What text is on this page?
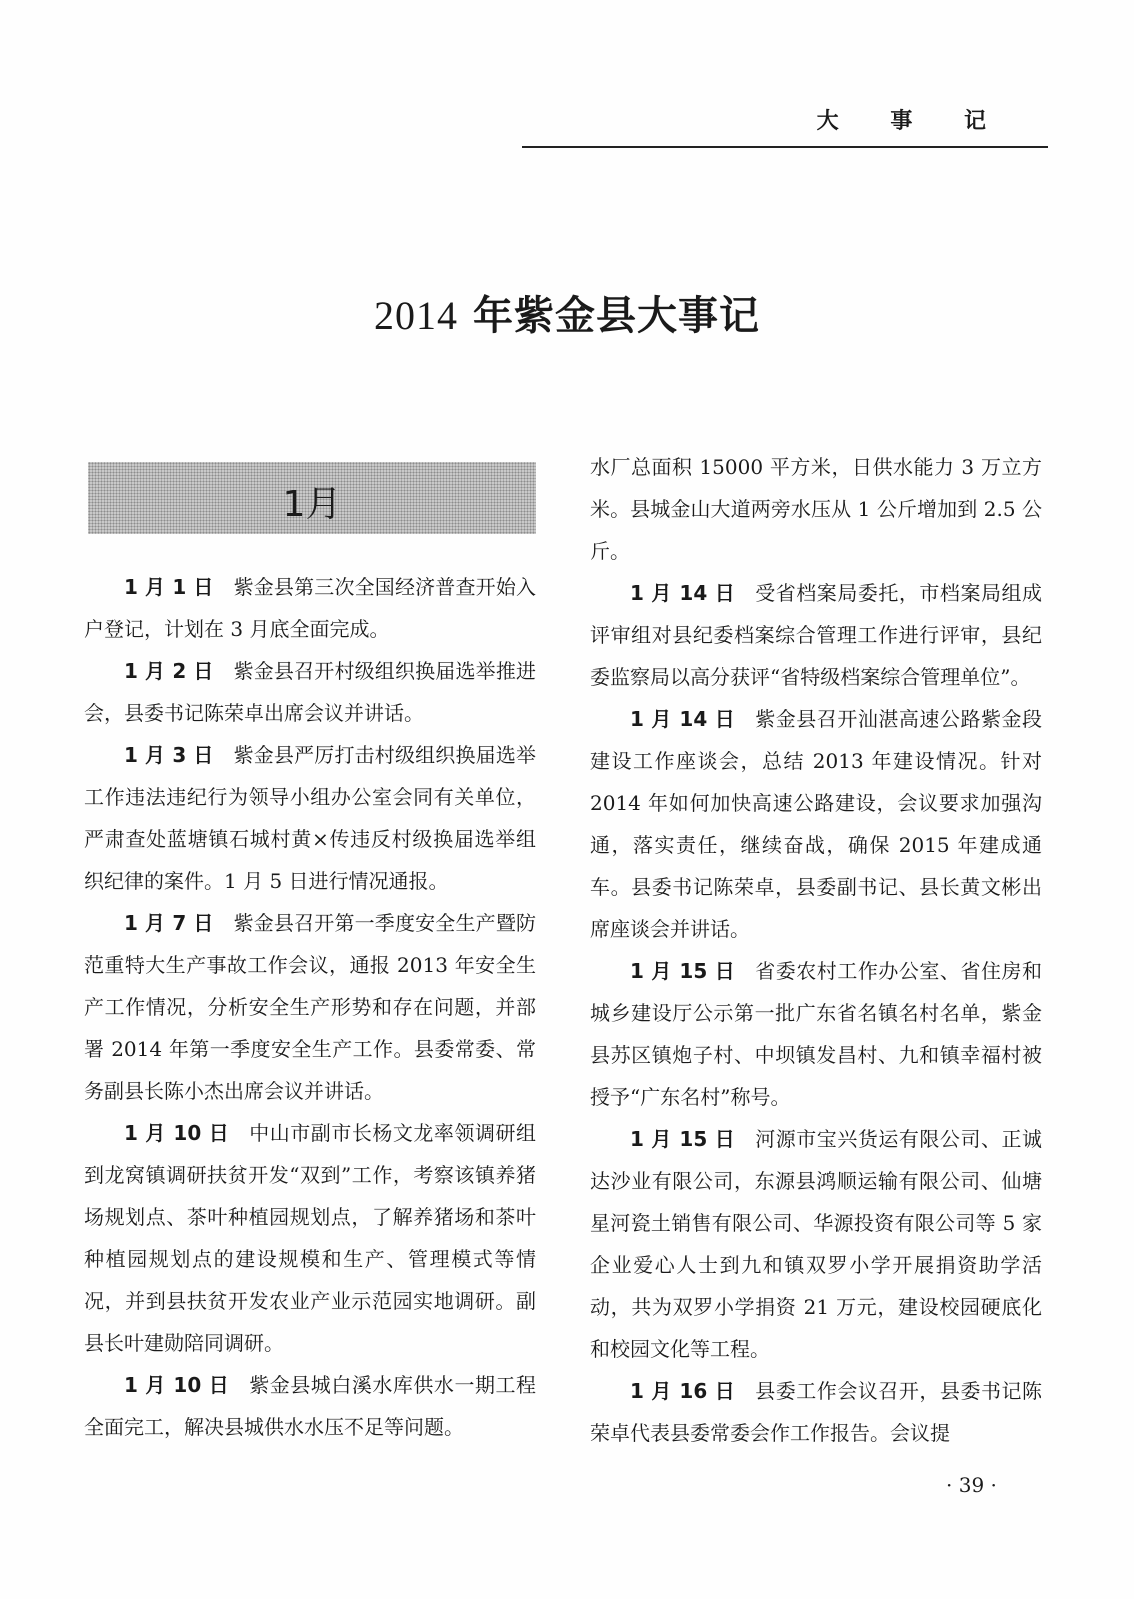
大 事 记
2014 年紫金县大事记
1月

1 月 1 日 紫金县第三次全国经济普查开始入户登记，计划在 3 月底全面完成。

1 月 2 日 紫金县召开村级组织换届选举推进会，县委书记陈荣卓出席会议并讲话。

1 月 3 日 紫金县严厉打击村级组织换届选举工作违法违纪行为领导小组办公室会同有关单位，严肃查处蓝塘镇石城村黄×传违反村级换届选举组织纪律的案件。1 月 5 日进行情况通报。

1 月 7 日 紫金县召开第一季度安全生产暨防范重特大生产事故工作会议，通报 2013 年安全生产工作情况，分析安全生产形势和存在问题，并部署 2014 年第一季度安全生产工作。县委常委、常务副县长陈小杰出席会议并讲话。

1 月 10 日 中山市副市长杨文龙率领调研组到龙窝镇调研扶贫开发“双到”工作，考察该镇养猪场规划点、茶叶种植园规划点，了解养猪场和茶叶种植园规划点的建设规模和生产、管理模式等情况，并到县扶贫开发农业产业示范园实地调研。副县长叶建勋陪同调研。

1 月 10 日 紫金县城白溪水库供水一期工程全面完工，解决县城供水水压不足等问题。

水厂总面积 15000 平方米，日供水能力 3 万立方米。县城金山大道两旁水压从 1 公斤增加到 2.5 公斤。

1 月 14 日 受省档案局委托，市档案局组成评审组对县纪委档案综合管理工作进行评审，县纪委监察局以高分获评“省特级档案综合管理单位”。

1 月 14 日 紫金县召开汕湛高速公路紫金段建设工作座谈会，总结 2013 年建设情况。针对 2014 年如何加快高速公路建设，会议要求加强沟通，落实责任，继续奋战，确保 2015 年建成通车。县委书记陈荣卓，县委副书记、县长黄文彬出席座谈会并讲话。

1 月 15 日 省委农村工作办公室、省住房和城乡建设厅公示第一批广东省名镇名村名单，紫金县苏区镇炮子村、中坝镇发昌村、九和镇幸福村被授予“广东名村”称号。

1 月 15 日 河源市宝兴货运有限公司、正诚达沙业有限公司，东源县鸿顺运输有限公司、仙塘星河瓷土销售有限公司、华源投资有限公司等 5 家企业爱心人士到九和镇双罗小学开展捐资助学活动，共为双罗小学捐资 21 万元，建设校园硬底化和校园文化等工程。

1 月 16 日 县委工作会议召开，县委书记陈荣卓代表县委常委会作工作报告。会议提

· 39 ·
